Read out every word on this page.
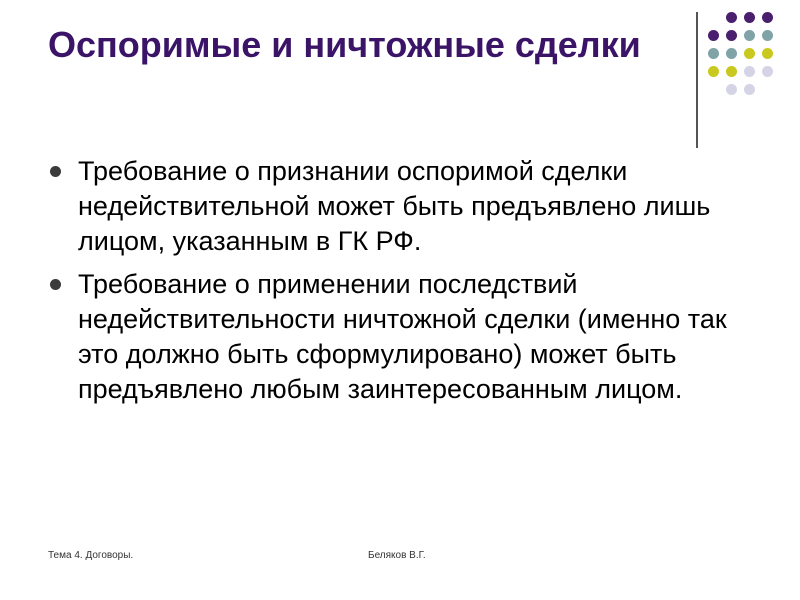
Оспоримые и ничтожные сделки
Требование о признании оспоримой сделки недействительной может быть предъявлено лишь лицом, указанным в ГК РФ.
Требование о применении последствий недействительности ничтожной сделки (именно так это должно быть сформулировано) может быть предъявлено любым заинтересованным лицом.
Тема 4. Договоры.	Беляков В.Г.
